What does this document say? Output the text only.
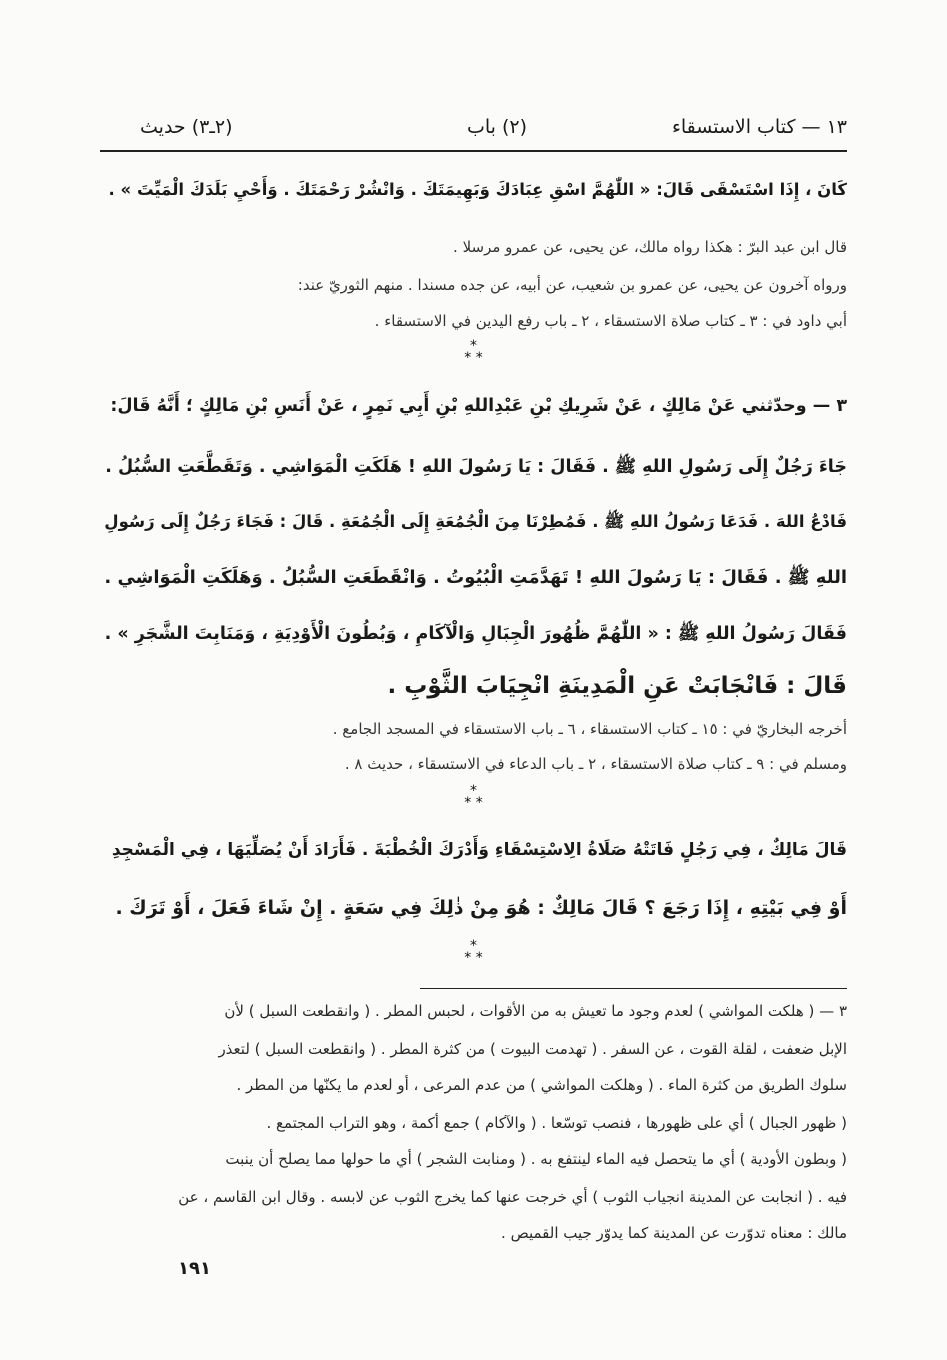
١٣ — كتاب الاستسقاء
(٢) باب
(٢ـ٣) حديث
كَانَ ، إِذَا اسْتَسْقَى قَالَ: « اللّٰهُمَّ اسْقِ عِبَادَكَ وَبَهِيمَتَكَ . وَانْشُرْ رَحْمَتَكَ . وَأَحْيِ بَلَدَكَ الْمَيِّتَ » .
قال ابن عبد البرّ : هكذا رواه مالك، عن يحيى، عن عمرو مرسلا .
ورواه آخرون عن يحيى، عن عمرو بن شعيب، عن أبيه، عن جده مسندا . منهم الثوريّ عند:
أبي داود في : ٣ ـ كتاب صلاة الاستسقاء ، ٢ ـ باب رفع اليدين في الاستسقاء .
*
* *
٣ — وحدّثني عَنْ مَالِكٍ ، عَنْ شَرِيكِ بْنِ عَبْدِاللهِ بْنِ أَبِي نَمِرٍ ، عَنْ أَنَسِ بْنِ مَالِكٍ ؛ أَنَّهُ قَالَ:
جَاءَ رَجُلٌ إِلَى رَسُولِ اللهِ ﷺ . فَقَالَ : يَا رَسُولَ اللهِ ! هَلَكَتِ الْمَوَاشِي . وَتَقَطَّعَتِ السُّبُلُ .
فَادْعُ اللهَ . فَدَعَا رَسُولُ اللهِ ﷺ . فَمُطِرْنَا مِنَ الْجُمُعَةِ إِلَى الْجُمُعَةِ . قَالَ : فَجَاءَ رَجُلٌ إِلَى رَسُولِ
اللهِ ﷺ . فَقَالَ : يَا رَسُولَ اللهِ ! تَهَدَّمَتِ الْبُيُوتُ . وَانْقَطَعَتِ السُّبُلُ . وَهَلَكَتِ الْمَوَاشِي .
فَقَالَ رَسُولُ اللهِ ﷺ : « اللّٰهُمَّ ظُهُورَ الْجِبَالِ وَالْآكَامِ ، وَبُطُونَ الْأَوْدِيَةِ ، وَمَنَابِتَ الشَّجَرِ » .
قَالَ : فَانْجَابَتْ عَنِ الْمَدِينَةِ انْجِيَابَ الثَّوْبِ .
أخرجه البخاريّ في : ١٥ ـ كتاب الاستسقاء ، ٦ ـ باب الاستسقاء في المسجد الجامع .
ومسلم في : ٩ ـ كتاب صلاة الاستسقاء ، ٢ ـ باب الدعاء في الاستسقاء ، حديث ٨ .
*
* *
قَالَ مَالِكٌ ، فِي رَجُلٍ فَاتَتْهُ صَلَاةُ الِاسْتِسْقَاءِ وَأَدْرَكَ الْخُطْبَةَ . فَأَرَادَ أَنْ يُصَلِّيَهَا ، فِي الْمَسْجِدِ
أَوْ فِي بَيْتِهِ ، إِذَا رَجَعَ ؟ قَالَ مَالِكٌ : هُوَ مِنْ ذٰلِكَ فِي سَعَةٍ . إِنْ شَاءَ فَعَلَ ، أَوْ تَرَكَ .
*
* *
٣ — ( هلكت المواشي ) لعدم وجود ما تعيش به من الأقوات ، لحبس المطر . ( وانقطعت السبل ) لأن
الإبل ضعفت ، لقلة القوت ، عن السفر . ( تهدمت البيوت ) من كثرة المطر . ( وانقطعت السبل ) لتعذر
سلوك الطريق من كثرة الماء . ( وهلكت المواشي ) من عدم المرعى ، أو لعدم ما يكنّها من المطر .
( ظهور الجبال ) أي على ظهورها ، فنصب توسّعا . ( والآكام ) جمع أكمة ، وهو التراب المجتمع .
( وبطون الأودية ) أي ما يتحصل فيه الماء لينتفع به . ( ومنابت الشجر ) أي ما حولها مما يصلح أن ينبت
فيه . ( انجابت عن المدينة انجياب الثوب ) أي خرجت عنها كما يخرج الثوب عن لابسه . وقال ابن القاسم ، عن
مالك : معناه تدوّرت عن المدينة كما يدوّر جيب القميص .
١٩١
